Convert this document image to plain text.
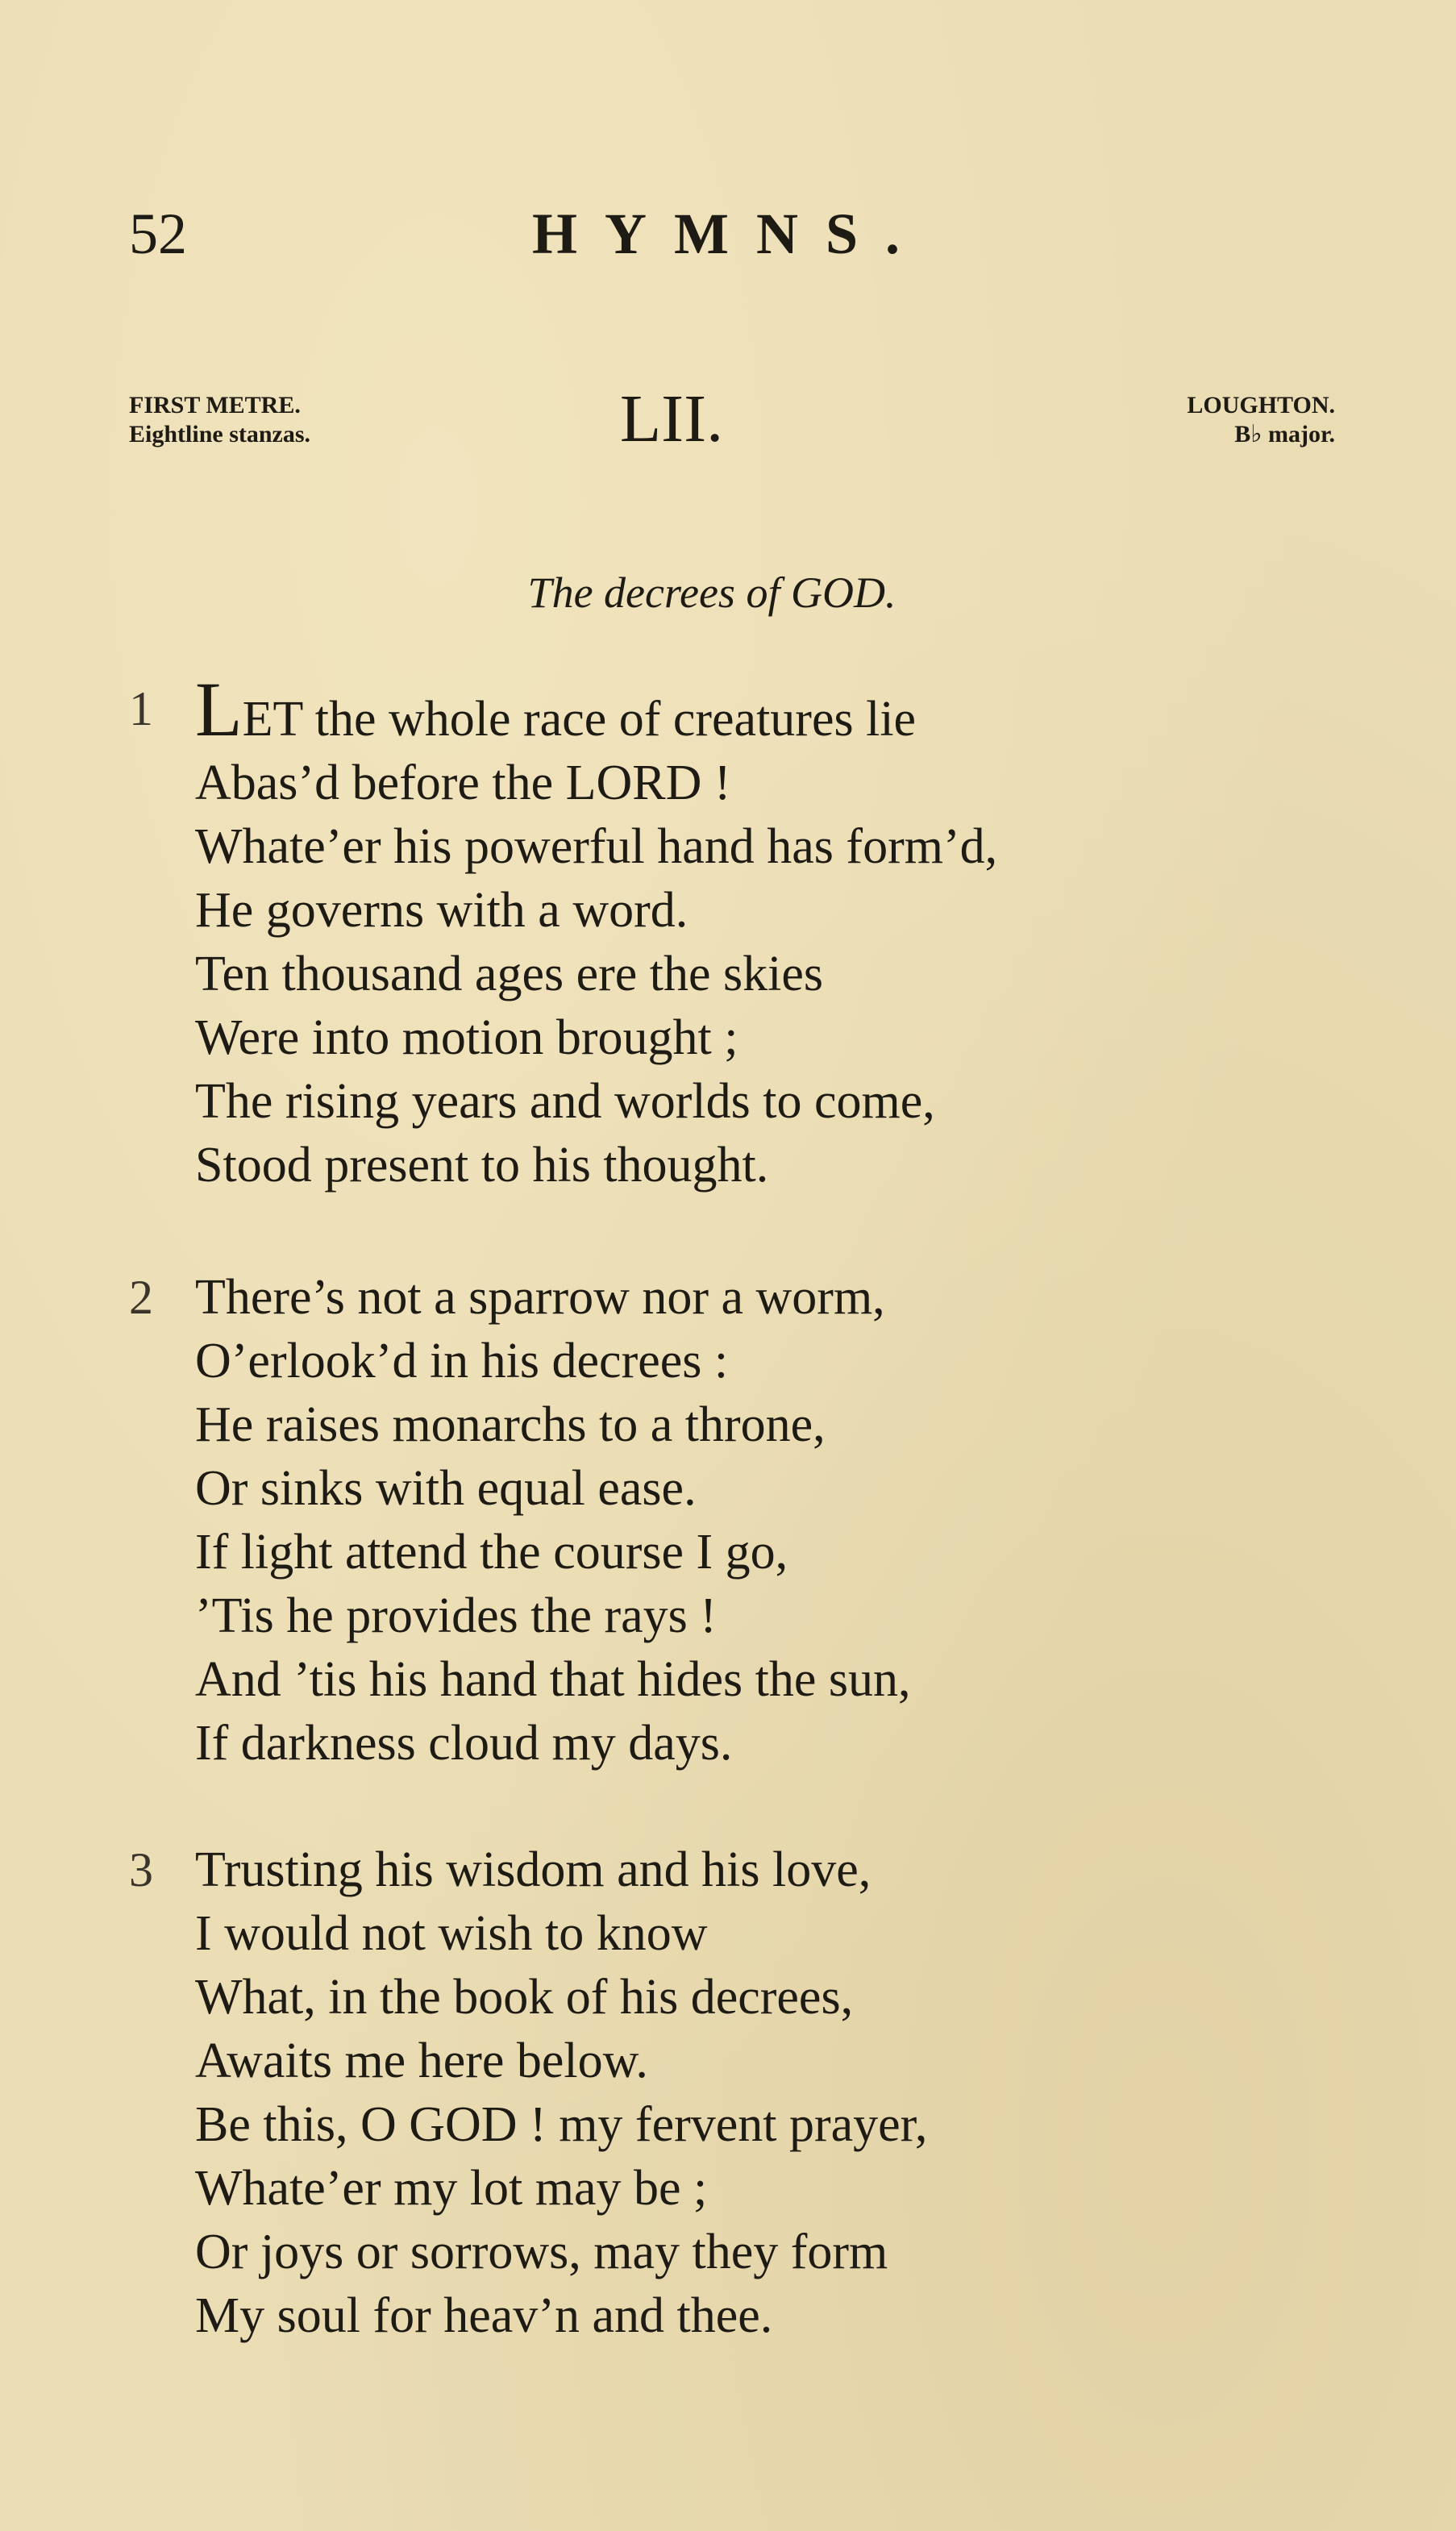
52	HYMNS.
FIRST METRE.
Eightline stanzas.	LII.	LOUGHTON.
B♭ major.
The decrees of GOD.
1 LET the whole race of creatures lie
Abas’d before the LORD !
Whate’er his powerful hand has form’d,
He governs with a word.
Ten thousand ages ere the skies
Were into motion brought ;
The rising years and worlds to come,
Stood present to his thought.
2 There’s not a sparrow nor a worm,
O’erlook’d in his decrees :
He raises monarchs to a throne,
Or sinks with equal ease.
If light attend the course I go,
’Tis he provides the rays !
And ’tis his hand that hides the sun,
If darkness cloud my days.
3 Trusting his wisdom and his love,
I would not wish to know
What, in the book of his decrees,
Awaits me here below.
Be this, O GOD ! my fervent prayer,
Whate’er my lot may be ;
Or joys or sorrows, may they form
My soul for heav’n and thee.
